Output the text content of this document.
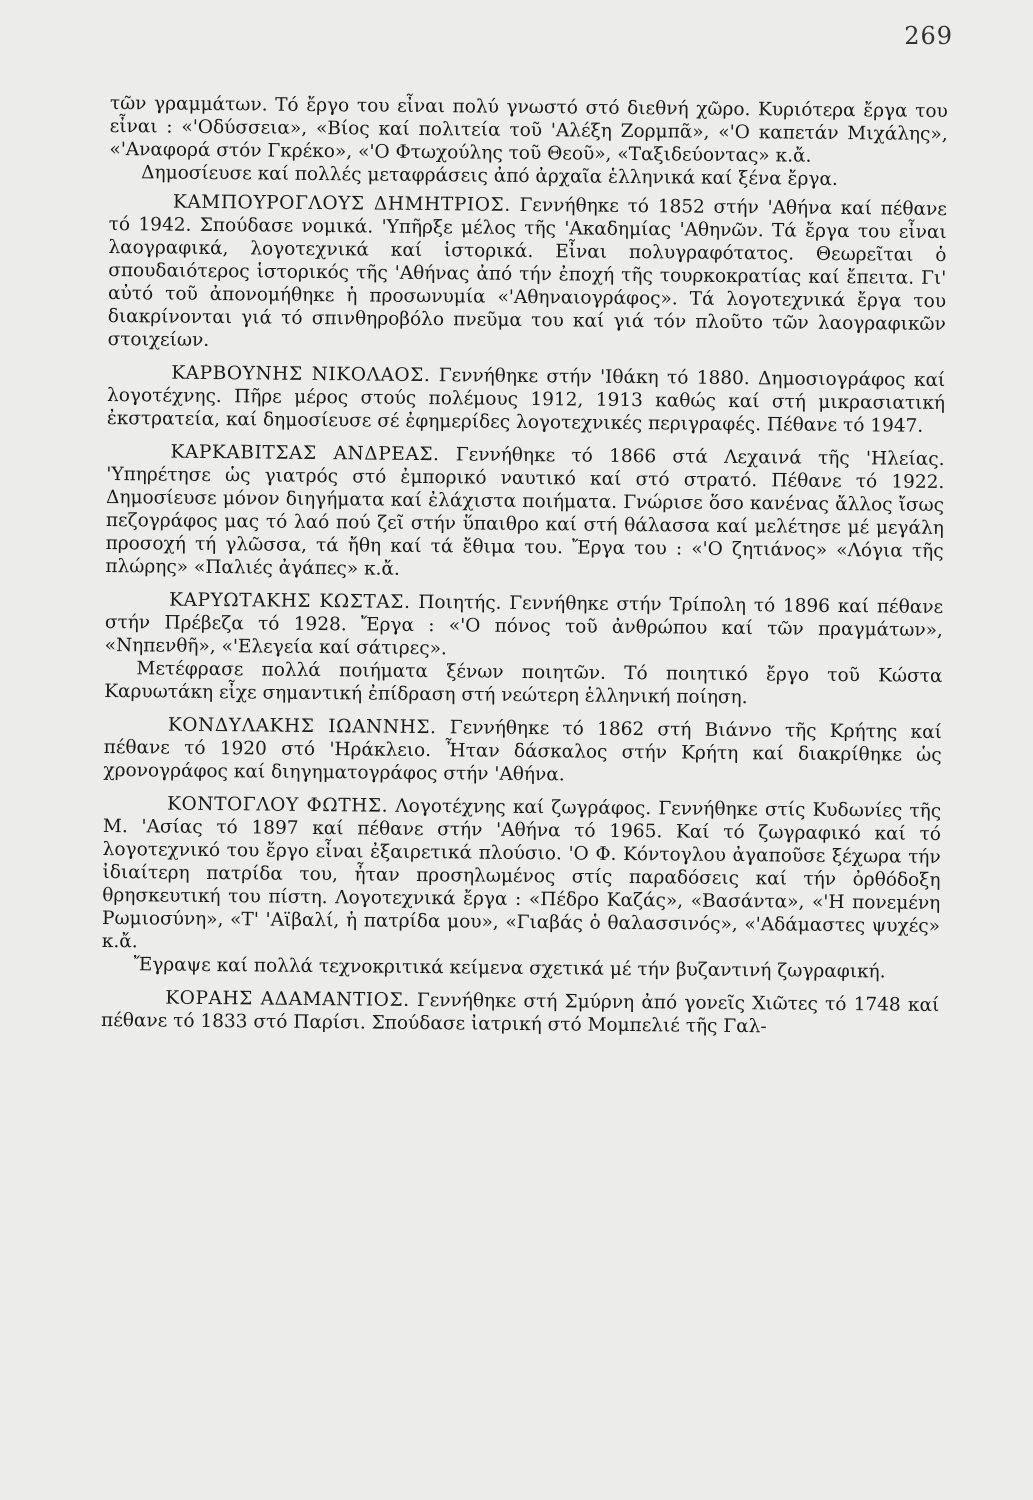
269

τῶν γραμμάτων. Τό ἔργο του εἶναι πολύ γνωστό στό διεθνή χῶρο. Κυριότερα ἔργα του εἶναι : «'Οδύσσεια», «Βίος καί πολιτεία τοῦ 'Αλέξη Ζορμπᾶ», «'Ο καπετάν Μιχάλης», «'Αναφορά στόν Γκρέκο», «'Ο Φτωχούλης τοῦ Θεοῦ», «Ταξιδεύοντας» κ.ἄ.

Δημοσίευσε καί πολλές μεταφράσεις ἀπό ἀρχαῖα ἑλληνικά καί ξένα ἔργα.

ΚΑΜΠΟΥΡΟΓΛΟΥΣ ΔΗΜΗΤΡΙΟΣ. Γεννήθηκε τό 1852 στήν 'Αθήνα καί πέθανε τό 1942. Σπούδασε νομικά. 'Υπῆρξε μέλος τῆς 'Ακαδημίας 'Αθηνῶν. Τά ἔργα του εἶναι λαογραφικά, λογοτεχνικά καί ἱστορικά. Εἶναι πολυγραφότατος. Θεωρεῖται ὁ σπουδαιότερος ἱστορικός τῆς 'Αθήνας ἀπό τήν ἐποχή τῆς τουρκοκρατίας καί ἔπειτα. Γι' αὐτό τοῦ ἀπονομήθηκε ἡ προσωνυμία «'Αθηναιογράφος». Τά λογοτεχνικά ἔργα του διακρίνονται γιά τό σπινθηροβόλο πνεῦμα του καί γιά τόν πλοῦτο τῶν λαογραφικῶν στοιχείων.

ΚΑΡΒΟΥΝΗΣ ΝΙΚΟΛΑΟΣ. Γεννήθηκε στήν 'Ιθάκη τό 1880. Δημοσιογράφος καί λογοτέχνης. Πῆρε μέρος στούς πολέμους 1912, 1913 καθώς καί στή μικρασιατική ἐκστρατεία, καί δημοσίευσε σέ ἐφημερίδες λογοτεχνικές περιγραφές. Πέθανε τό 1947.

ΚΑΡΚΑΒΙΤΣΑΣ ΑΝΔΡΕΑΣ. Γεννήθηκε τό 1866 στά Λεχαινά τῆς 'Ηλείας. 'Υπηρέτησε ὡς γιατρός στό ἐμπορικό ναυτικό καί στό στρατό. Πέθανε τό 1922. Δημοσίευσε μόνον διηγήματα καί ἐλάχιστα ποιήματα. Γνώρισε ὅσο κανένας ἄλλος ἴσως πεζογράφος μας τό λαό πού ζεῖ στήν ὕπαιθρο καί στή θάλασσα καί μελέτησε μέ μεγάλη προσοχή τή γλῶσσα, τά ἤθη καί τά ἔθιμα του. Ἔργα του : «'Ο ζητιάνος» «Λόγια τῆς πλώρης» «Παλιές ἀγάπες» κ.ἄ.

ΚΑΡΥΩΤΑΚΗΣ ΚΩΣΤΑΣ. Ποιητής. Γεννήθηκε στήν Τρίπολη τό 1896 καί πέθανε στήν Πρέβεζα τό 1928. Ἔργα : «'Ο πόνος τοῦ ἀνθρώπου καί τῶν πραγμάτων», «Νηπενθῆ», «'Ελεγεία καί σάτιρες».

Μετέφρασε πολλά ποιήματα ξένων ποιητῶν. Τό ποιητικό ἔργο τοῦ Κώστα Καρυωτάκη εἶχε σημαντική ἐπίδραση στή νεώτερη ἑλληνική ποίηση.

ΚΟΝΔΥΛΑΚΗΣ ΙΩΑΝΝΗΣ. Γεννήθηκε τό 1862 στή Βιάννο τῆς Κρήτης καί πέθανε τό 1920 στό 'Ηράκλειο. Ἦταν δάσκαλος στήν Κρήτη καί διακρίθηκε ὡς χρονογράφος καί διηγηματογράφος στήν 'Αθήνα.

ΚΟΝΤΟΓΛΟΥ ΦΩΤΗΣ. Λογοτέχνης καί ζωγράφος. Γεννήθηκε στίς Κυδωνίες τῆς Μ. 'Ασίας τό 1897 καί πέθανε στήν 'Αθήνα τό 1965. Καί τό ζωγραφικό καί τό λογοτεχνικό του ἔργο εἶναι ἐξαιρετικά πλούσιο. 'Ο Φ. Κόντογλου ἀγαποῦσε ξέχωρα τήν ἰδιαίτερη πατρίδα του, ἦταν προσηλωμένος στίς παραδόσεις καί τήν ὀρθόδοξη θρησκευτική του πίστη. Λογοτεχνικά ἔργα : «Πέδρο Καζάς», «Βασάντα», «'Η πονεμένη Ρωμιοσύνη», «Τ' 'Αϊβαλί, ἡ πατρίδα μου», «Γιαβάς ὁ θαλασσινός», «'Αδάμαστες ψυχές» κ.ἄ.

Ἔγραψε καί πολλά τεχνοκριτικά κείμενα σχετικά μέ τήν βυζαντινή ζωγραφική.

ΚΟΡΑΗΣ ΑΔΑΜΑΝΤΙΟΣ. Γεννήθηκε στή Σμύρνη ἀπό γονεῖς Χιῶτες τό 1748 καί πέθανε τό 1833 στό Παρίσι. Σπούδασε ἰατρική στό Μομπελιέ τῆς Γαλ-
